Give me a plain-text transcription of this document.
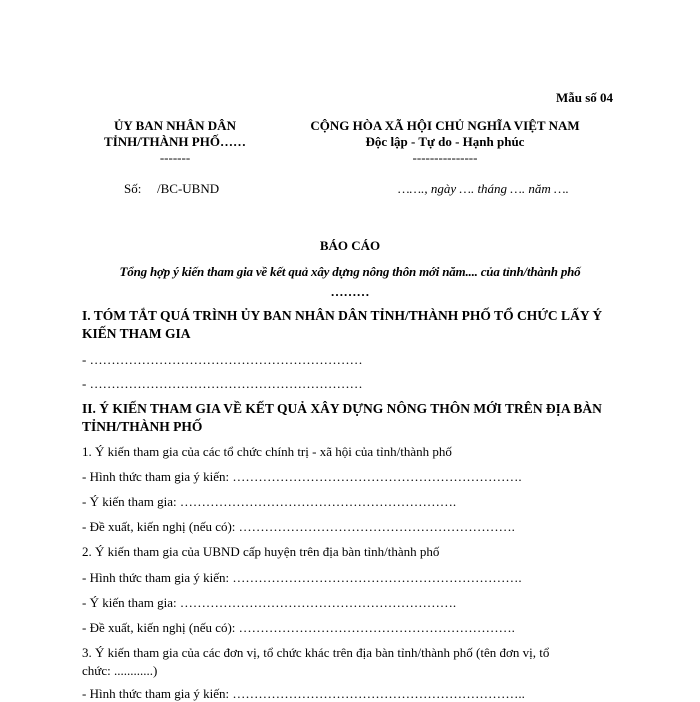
Mẫu số 04
ỦY BAN NHÂN DÂN
TỈNH/THÀNH PHỐ……
-------
Số: /BC-UBND
CỘNG HÒA XÃ HỘI CHỦ NGHĨA VIỆT NAM
Độc lập - Tự do - Hạnh phúc
---------------
……., ngày …. tháng …. năm ….
BÁO CÁO
Tổng hợp ý kiến tham gia về kết quả xây dựng nông thôn mới năm.... của tỉnh/thành phố
………
I. TÓM TẮT QUÁ TRÌNH ỦY BAN NHÂN DÂN TỈNH/THÀNH PHỐ TỔ CHỨC LẤY Ý
KIẾN THAM GIA
- ………………………………………………………
- ………………………………………………………
II. Ý KIẾN THAM GIA VỀ KẾT QUẢ XÂY DỰNG NÔNG THÔN MỚI TRÊN ĐỊA BÀN
TỈNH/THÀNH PHỐ
1. Ý kiến tham gia của các tổ chức chính trị - xã hội của tỉnh/thành phố
- Hình thức tham gia ý kiến: ………………………………………………………….
- Ý kiến tham gia: ……………………………………………………….
- Đề xuất, kiến nghị (nếu có): ……………………………………………………….
2. Ý kiến tham gia của UBND cấp huyện trên địa bàn tỉnh/thành phố
- Hình thức tham gia ý kiến: ………………………………………………………….
- Ý kiến tham gia: ……………………………………………………….
- Đề xuất, kiến nghị (nếu có): ……………………………………………………….
3. Ý kiến tham gia của các đơn vị, tổ chức khác trên địa bàn tỉnh/thành phố (tên đơn vị, tổ
chức: ............)
- Hình thức tham gia ý kiến: …………………………………………………………..
